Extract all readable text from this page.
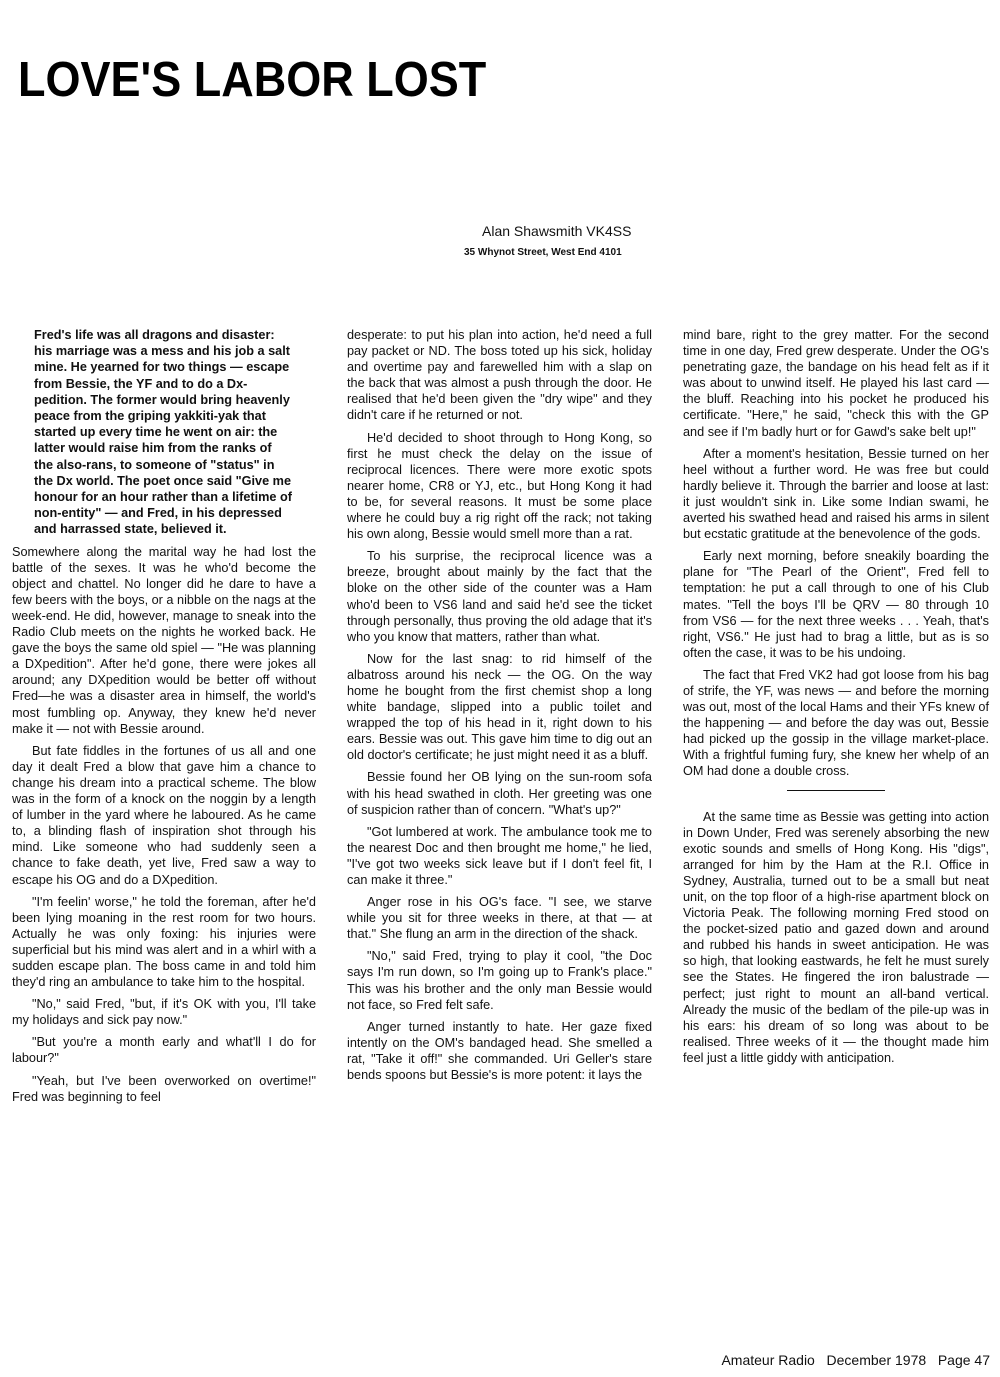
LOVE'S LABOR LOST
Alan Shawsmith VK4SS
35 Whynot Street, West End 4101
Fred's life was all dragons and disaster: his marriage was a mess and his job a salt mine. He yearned for two things — escape from Bessie, the YF and to do a Dx-pedition. The former would bring heavenly peace from the griping yakkiti-yak that started up every time he went on air: the latter would raise him from the ranks of the also-rans, to someone of "status" in the Dx world. The poet once said "Give me honour for an hour rather than a lifetime of non-entity" — and Fred, in his depressed and harrassed state, believed it.

Somewhere along the marital way he had lost the battle of the sexes. It was he who'd become the object and chattel. No longer did he dare to have a few beers with the boys, or a nibble on the nags at the week-end. He did, however, manage to sneak into the Radio Club meets on the nights he worked back. He gave the boys the same old spiel — "He was planning a DXpedition". After he'd gone, there were jokes all around; any DXpedition would be better off without Fred—he was a disaster area in himself, the world's most fumbling op. Anyway, they knew he'd never make it — not with Bessie around.

But fate fiddles in the fortunes of us all and one day it dealt Fred a blow that gave him a chance to change his dream into a practical scheme. The blow was in the form of a knock on the noggin by a length of lumber in the yard where he laboured. As he came to, a blinding flash of inspiration shot through his mind. Like someone who had suddenly seen a chance to fake death, yet live, Fred saw a way to escape his OG and do a DXpedition.

"I'm feelin' worse," he told the foreman, after he'd been lying moaning in the rest room for two hours. Actually he was only foxing: his injuries were superficial but his mind was alert and in a whirl with a sudden escape plan. The boss came in and told him they'd ring an ambulance to take him to the hospital.

"No," said Fred, "but, if it's OK with you, I'll take my holidays and sick pay now."

"But you're a month early and what'll I do for labour?"

"Yeah, but I've been overworked on overtime!" Fred was beginning to feel

desperate: to put his plan into action, he'd need a full pay packet or ND. The boss toted up his sick, holiday and overtime pay and farewelled him with a slap on the back that was almost a push through the door. He realised that he'd been given the "dry wipe" and they didn't care if he returned or not.

He'd decided to shoot through to Hong Kong, so first he must check the delay on the issue of reciprocal licences. There were more exotic spots nearer home, CR8 or YJ, etc., but Hong Kong it had to be, for several reasons. It must be some place where he could buy a rig right off the rack; not taking his own along, Bessie would smell more than a rat.

To his surprise, the reciprocal licence was a breeze, brought about mainly by the fact that the bloke on the other side of the counter was a Ham who'd been to VS6 land and said he'd see the ticket through personally, thus proving the old adage that it's who you know that matters, rather than what.

Now for the last snag: to rid himself of the albatross around his neck — the OG. On the way home he bought from the first chemist shop a long white bandage, slipped into a public toilet and wrapped the top of his head in it, right down to his ears. Bessie was out. This gave him time to dig out an old doctor's certificate; he just might need it as a bluff.

Bessie found her OB lying on the sun-room sofa with his head swathed in cloth. Her greeting was one of suspicion rather than of concern. "What's up?"

"Got lumbered at work. The ambulance took me to the nearest Doc and then brought me home," he lied, "I've got two weeks sick leave but if I don't feel fit, I can make it three."

Anger rose in his OG's face. "I see, we starve while you sit for three weeks in there, at that — at that." She flung an arm in the direction of the shack.

"No," said Fred, trying to play it cool, "the Doc says I'm run down, so I'm going up to Frank's place." This was his brother and the only man Bessie would not face, so Fred felt safe.

Anger turned instantly to hate. Her gaze fixed intently on the OM's bandaged head. She smelled a rat, "Take it off!" she commanded. Uri Geller's stare bends spoons but Bessie's is more potent: it lays the

mind bare, right to the grey matter. For the second time in one day, Fred grew desperate. Under the OG's penetrating gaze, the bandage on his head felt as if it was about to unwind itself. He played his last card — the bluff. Reaching into his pocket he produced his certificate. "Here," he said, "check this with the GP and see if I'm badly hurt or for Gawd's sake belt up!"

After a moment's hesitation, Bessie turned on her heel without a further word. He was free but could hardly believe it. Through the barrier and loose at last: it just wouldn't sink in. Like some Indian swami, he averted his swathed head and raised his arms in silent but ecstatic gratitude at the benevolence of the gods.

Early next morning, before sneakily boarding the plane for "The Pearl of the Orient", Fred fell to temptation: he put a call through to one of his Club mates. "Tell the boys I'll be QRV — 80 through 10 from VS6 — for the next three weeks . . . Yeah, that's right, VS6." He just had to brag a little, but as is so often the case, it was to be his undoing.

The fact that Fred VK2 had got loose from his bag of strife, the YF, was news — and before the morning was out, most of the local Hams and their YFs knew of the happening — and before the day was out, Bessie had picked up the gossip in the village market-place. With a frightful fuming fury, she knew her whelp of an OM had done a double cross.

At the same time as Bessie was getting into action in Down Under, Fred was serenely absorbing the new exotic sounds and smells of Hong Kong. His "digs", arranged for him by the Ham at the R.I. Office in Sydney, Australia, turned out to be a small but neat unit, on the top floor of a high-rise apartment block on Victoria Peak. The following morning Fred stood on the pocket-sized patio and gazed down and around and rubbed his hands in sweet anticipation. He was so high, that looking eastwards, he felt he must surely see the States. He fingered the iron balustrade — perfect; just right to mount an all-band vertical. Already the music of the bedlam of the pile-up was in his ears: his dream of so long was about to be realised. Three weeks of it — the thought made him feel just a little giddy with anticipation.

Amateur Radio December 1978 Page 47
